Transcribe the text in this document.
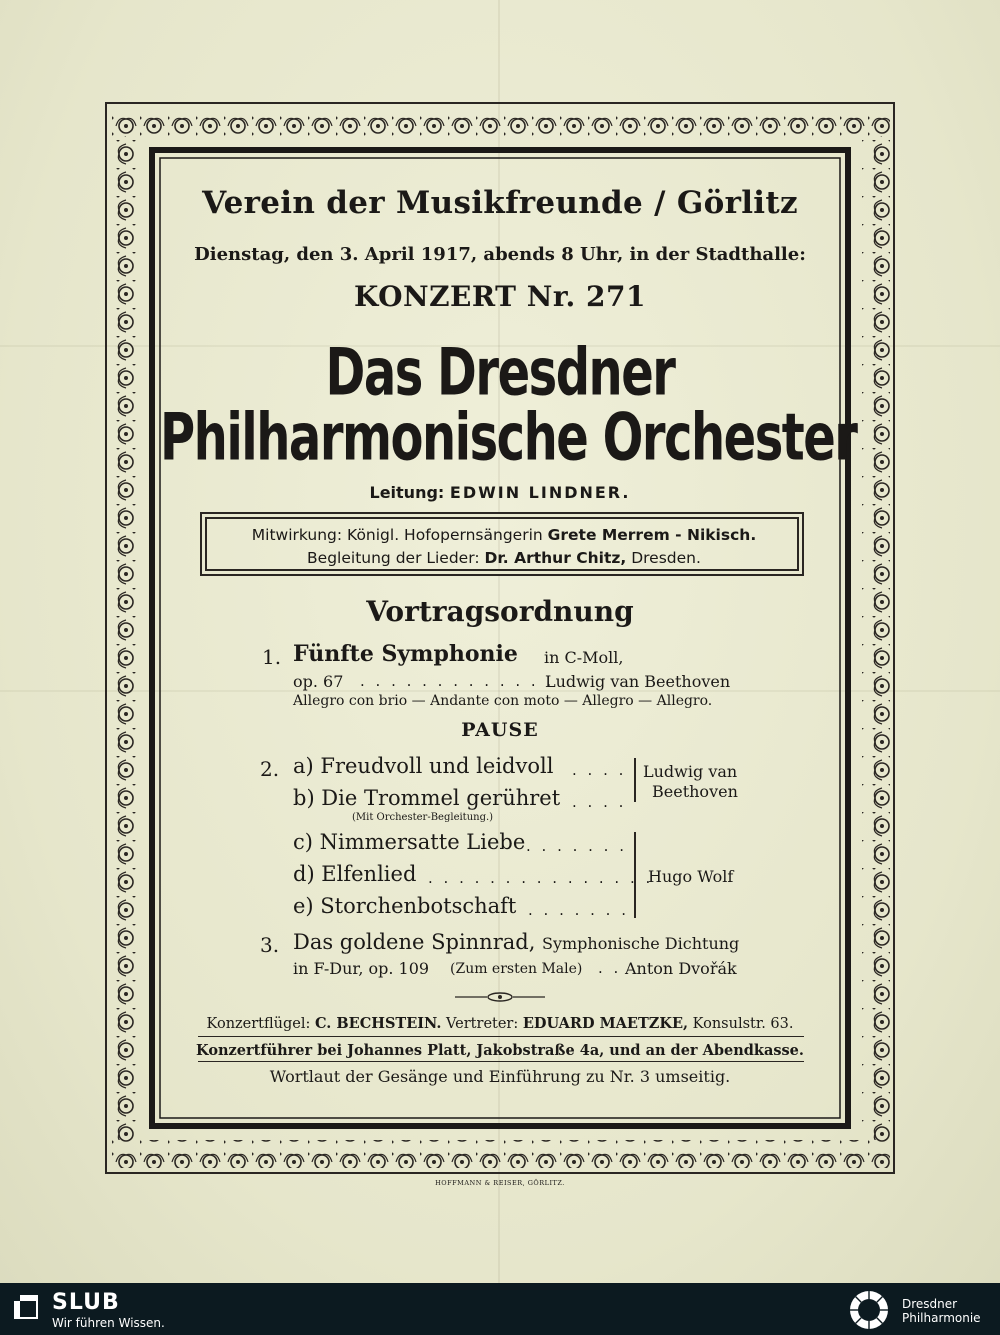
Verein der Musikfreunde / Görlitz
Dienstag, den 3. April 1917, abends 8 Uhr, in der Stadthalle:
KONZERT Nr. 271
Das Dresdner
Philharmonische Orchester
Leitung: EDWIN LINDNER.
Mitwirkung: Königl. Hofopernsängerin Grete Merrem - Nikisch.
Begleitung der Lieder: Dr. Arthur Chitz, Dresden.
Vortragsordnung
1. Fünfte Symphonie in C-Moll,
op. 67 . . . . . . . . . . . . .
Ludwig van Beethoven
Allegro con brio — Andante con moto — Allegro — Allegro.
PAUSE
2. a) Freudvoll und leidvoll . . . .
b) Die Trommel gerühret . . . .
(Mit Orchester-Begleitung.)
Ludwig van
Beethoven
c) Nimmersatte Liebe . . . . . . .
d) Elfenlied . . . . . . . . . . . . . . .
e) Storchenbotschaft . . . . . . .
Hugo Wolf
3. Das goldene Spinnrad, Symphonische Dichtung
in F-Dur, op. 109 (Zum ersten Male) . . Anton Dvořák
Konzertflügel: C. BECHSTEIN. Vertreter: EDUARD MAETZKE, Konsulstr. 63.
Konzertführer bei Johannes Platt, Jakobstraße 4a, und an der Abendkasse.
Wortlaut der Gesänge und Einführung zu Nr. 3 umseitig.
HOFFMANN & REISER, GÖRLITZ.
SLUB
Wir führen Wissen.
Dresdner
Philharmonie
